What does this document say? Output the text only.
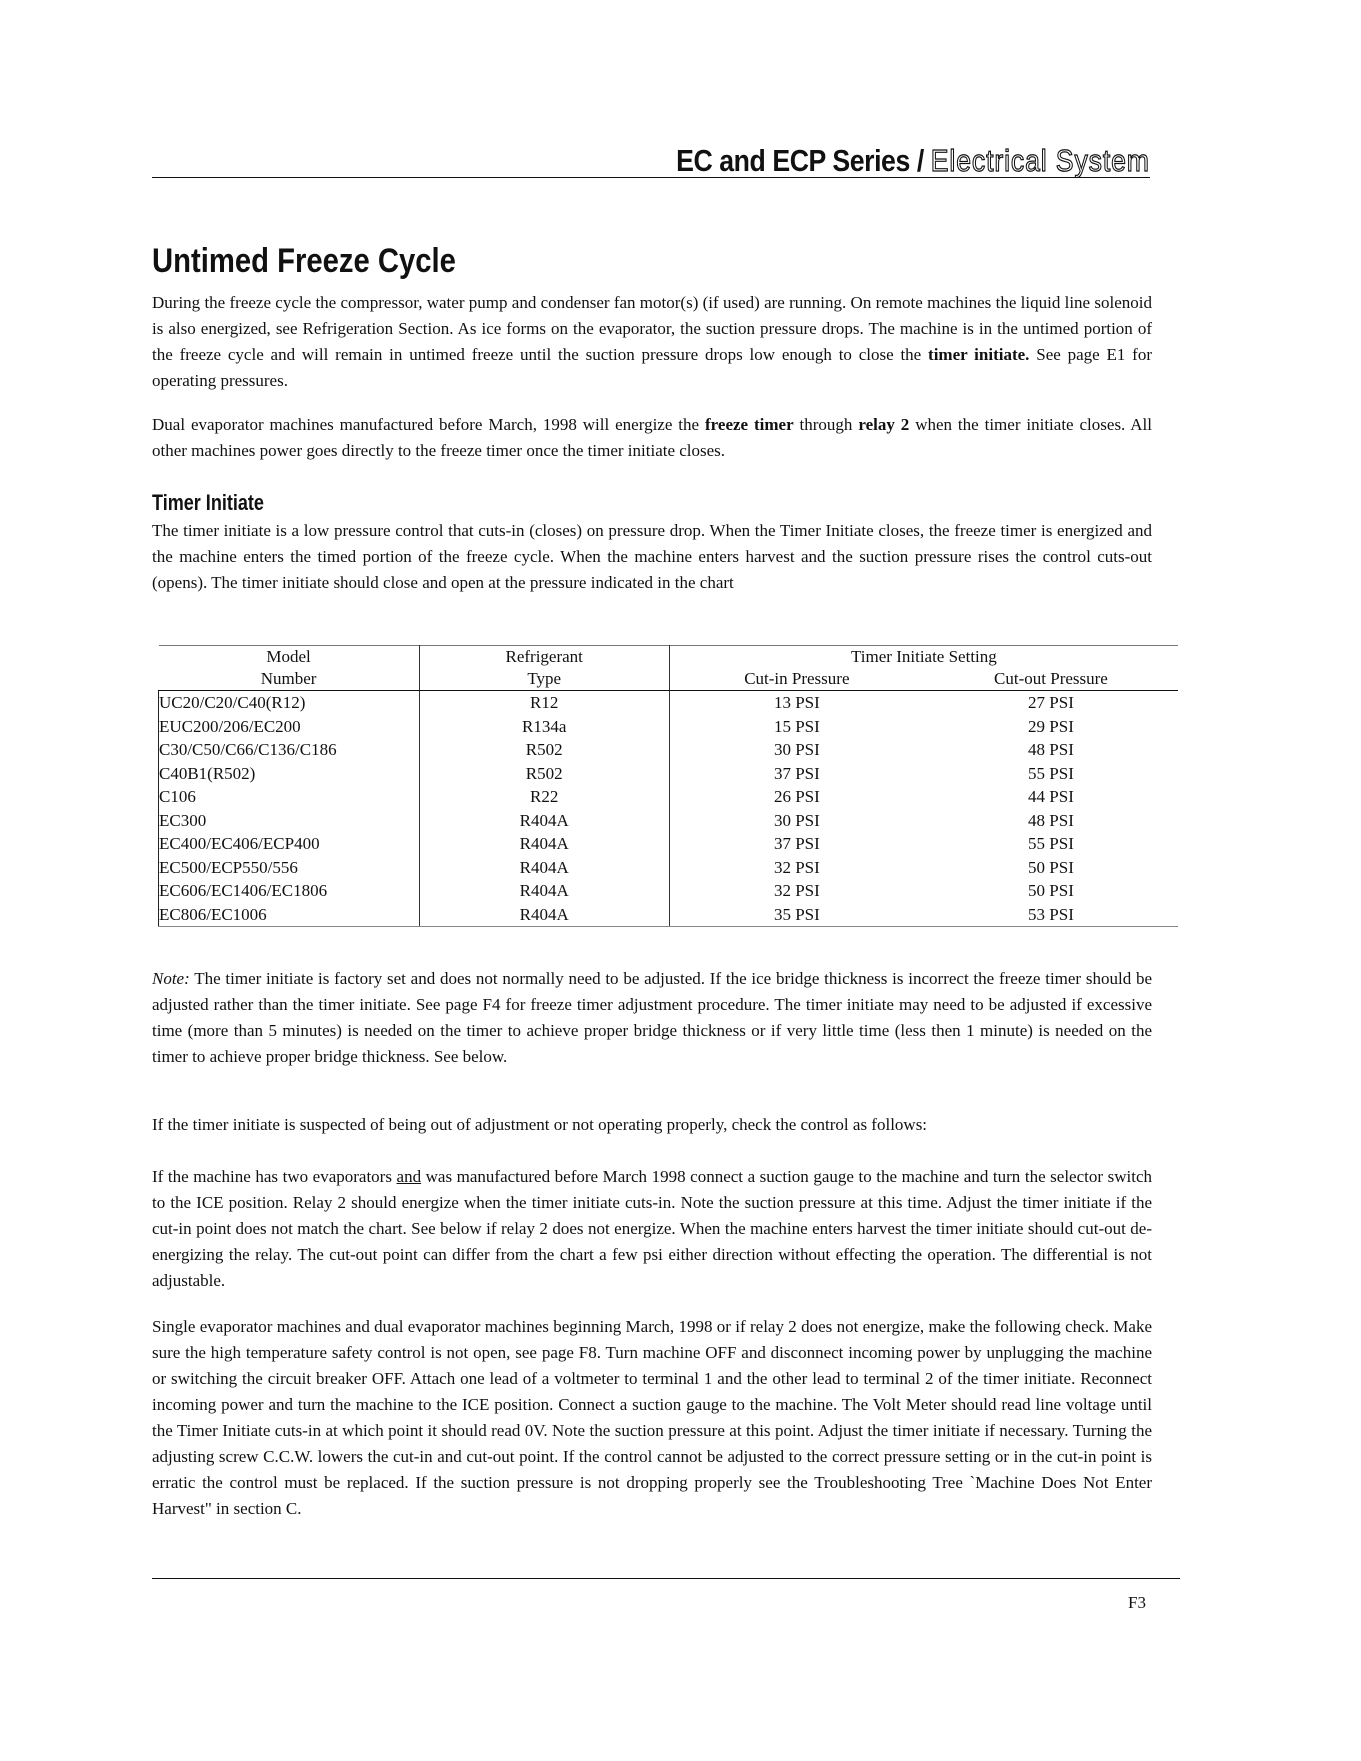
EC and ECP Series / Electrical System
Untimed Freeze Cycle

During the freeze cycle the compressor, water pump and condenser fan motor(s) (if used) are running. On remote machines the liquid line solenoid is also energized, see Refrigeration Section. As ice forms on the evaporator, the suction pressure drops. The machine is in the untimed portion of the freeze cycle and will remain in untimed freeze until the suction pressure drops low enough to close the timer initiate. See page E1 for operating pressures.

Dual evaporator machines manufactured before March, 1998 will energize the freeze timer through relay 2 when the timer initiate closes. All other machines power goes directly to the freeze timer once the timer initiate closes.

Timer Initiate

The timer initiate is a low pressure control that cuts-in (closes) on pressure drop. When the Timer Initiate closes, the freeze timer is energized and the machine enters the timed portion of the freeze cycle. When the machine enters harvest and the suction pressure rises the control cuts-out (opens). The timer initiate should close and open at the pressure indicated in the chart

Model	Refrigerant	Timer Initiate Setting	
Number	Type	Cut-in Pressure	Cut-out Pressure
UC20/C20/C40(R12)	R12	13 PSI	27 PSI
EUC200/206/EC200	R134a	15 PSI	29 PSI
C30/C50/C66/C136/C186	R502	30 PSI	48 PSI
C40B1(R502)	R502	37 PSI	55 PSI
C106	R22	26 PSI	44 PSI
EC300	R404A	30 PSI	48 PSI
EC400/EC406/ECP400	R404A	37 PSI	55 PSI
EC500/ECP550/556	R404A	32 PSI	50 PSI
EC606/EC1406/EC1806	R404A	32 PSI	50 PSI
EC806/EC1006	R404A	35 PSI	53 PSI

Note: The timer initiate is factory set and does not normally need to be adjusted. If the ice bridge thickness is incorrect the freeze timer should be adjusted rather than the timer initiate. See page F4 for freeze timer adjustment procedure. The timer initiate may need to be adjusted if excessive time (more than 5 minutes) is needed on the timer to achieve proper bridge thickness or if very little time (less then 1 minute) is needed on the timer to achieve proper bridge thickness. See below.

If the timer initiate is suspected of being out of adjustment or not operating properly, check the control as follows:

If the machine has two evaporators and was manufactured before March 1998 connect a suction gauge to the machine and turn the selector switch to the ICE position. Relay 2 should energize when the timer initiate cuts-in. Note the suction pressure at this time. Adjust the timer initiate if the cut-in point does not match the chart. See below if relay 2 does not energize. When the machine enters harvest the timer initiate should cut-out de-energizing the relay. The cut-out point can differ from the chart a few psi either direction without effecting the operation. The differential is not adjustable.

Single evaporator machines and dual evaporator machines beginning March, 1998 or if relay 2 does not energize, make the following check. Make sure the high temperature safety control is not open, see page F8. Turn machine OFF and disconnect incoming power by unplugging the machine or switching the circuit breaker OFF. Attach one lead of a voltmeter to terminal 1 and the other lead to terminal 2 of the timer initiate. Reconnect incoming power and turn the machine to the ICE position. Connect a suction gauge to the machine. The Volt Meter should read line voltage until the Timer Initiate cuts-in at which point it should read 0V. Note the suction pressure at this point. Adjust the timer initiate if necessary. Turning the adjusting screw C.C.W. lowers the cut-in and cut-out point. If the control cannot be adjusted to the correct pressure setting or in the cut-in point is erratic the control must be replaced. If the suction pressure is not dropping properly see the Troubleshooting Tree `Machine Does Not Enter Harvest" in section C.

F3
